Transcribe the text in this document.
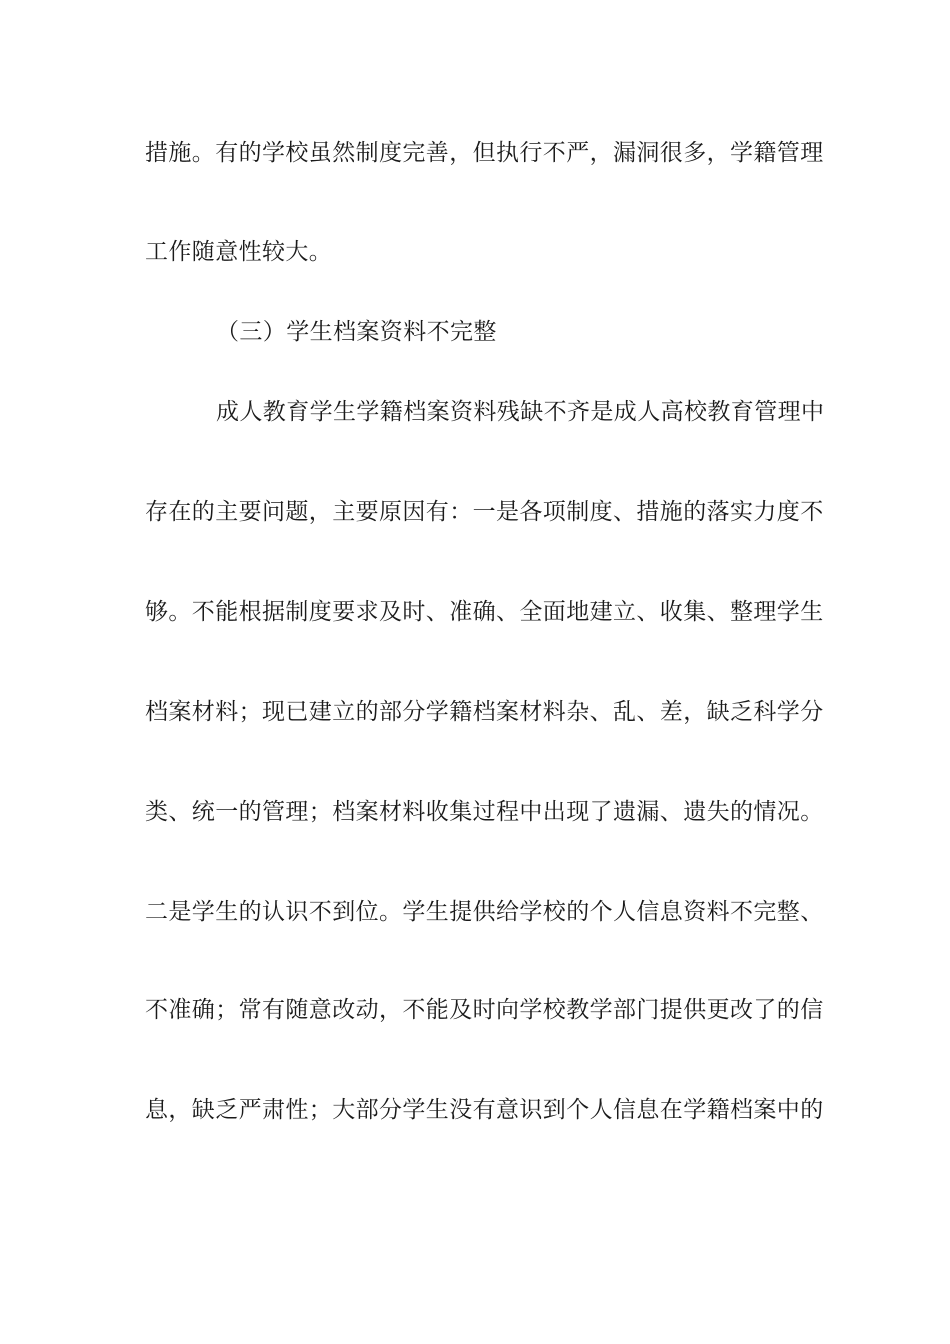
措施。有的学校虽然制度完善，但执行不严，漏洞很多，学籍管理
工作随意性较大。
（三）学生档案资料不完整
成人教育学生学籍档案资料残缺不齐是成人高校教育管理中
存在的主要问题，主要原因有：一是各项制度、措施的落实力度不
够。不能根据制度要求及时、准确、全面地建立、收集、整理学生
档案材料；现已建立的部分学籍档案材料杂、乱、差，缺乏科学分
类、统一的管理；档案材料收集过程中出现了遗漏、遗失的情况。
二是学生的认识不到位。学生提供给学校的个人信息资料不完整、
不准确；常有随意改动，不能及时向学校教学部门提供更改了的信
息，缺乏严肃性；大部分学生没有意识到个人信息在学籍档案中的
